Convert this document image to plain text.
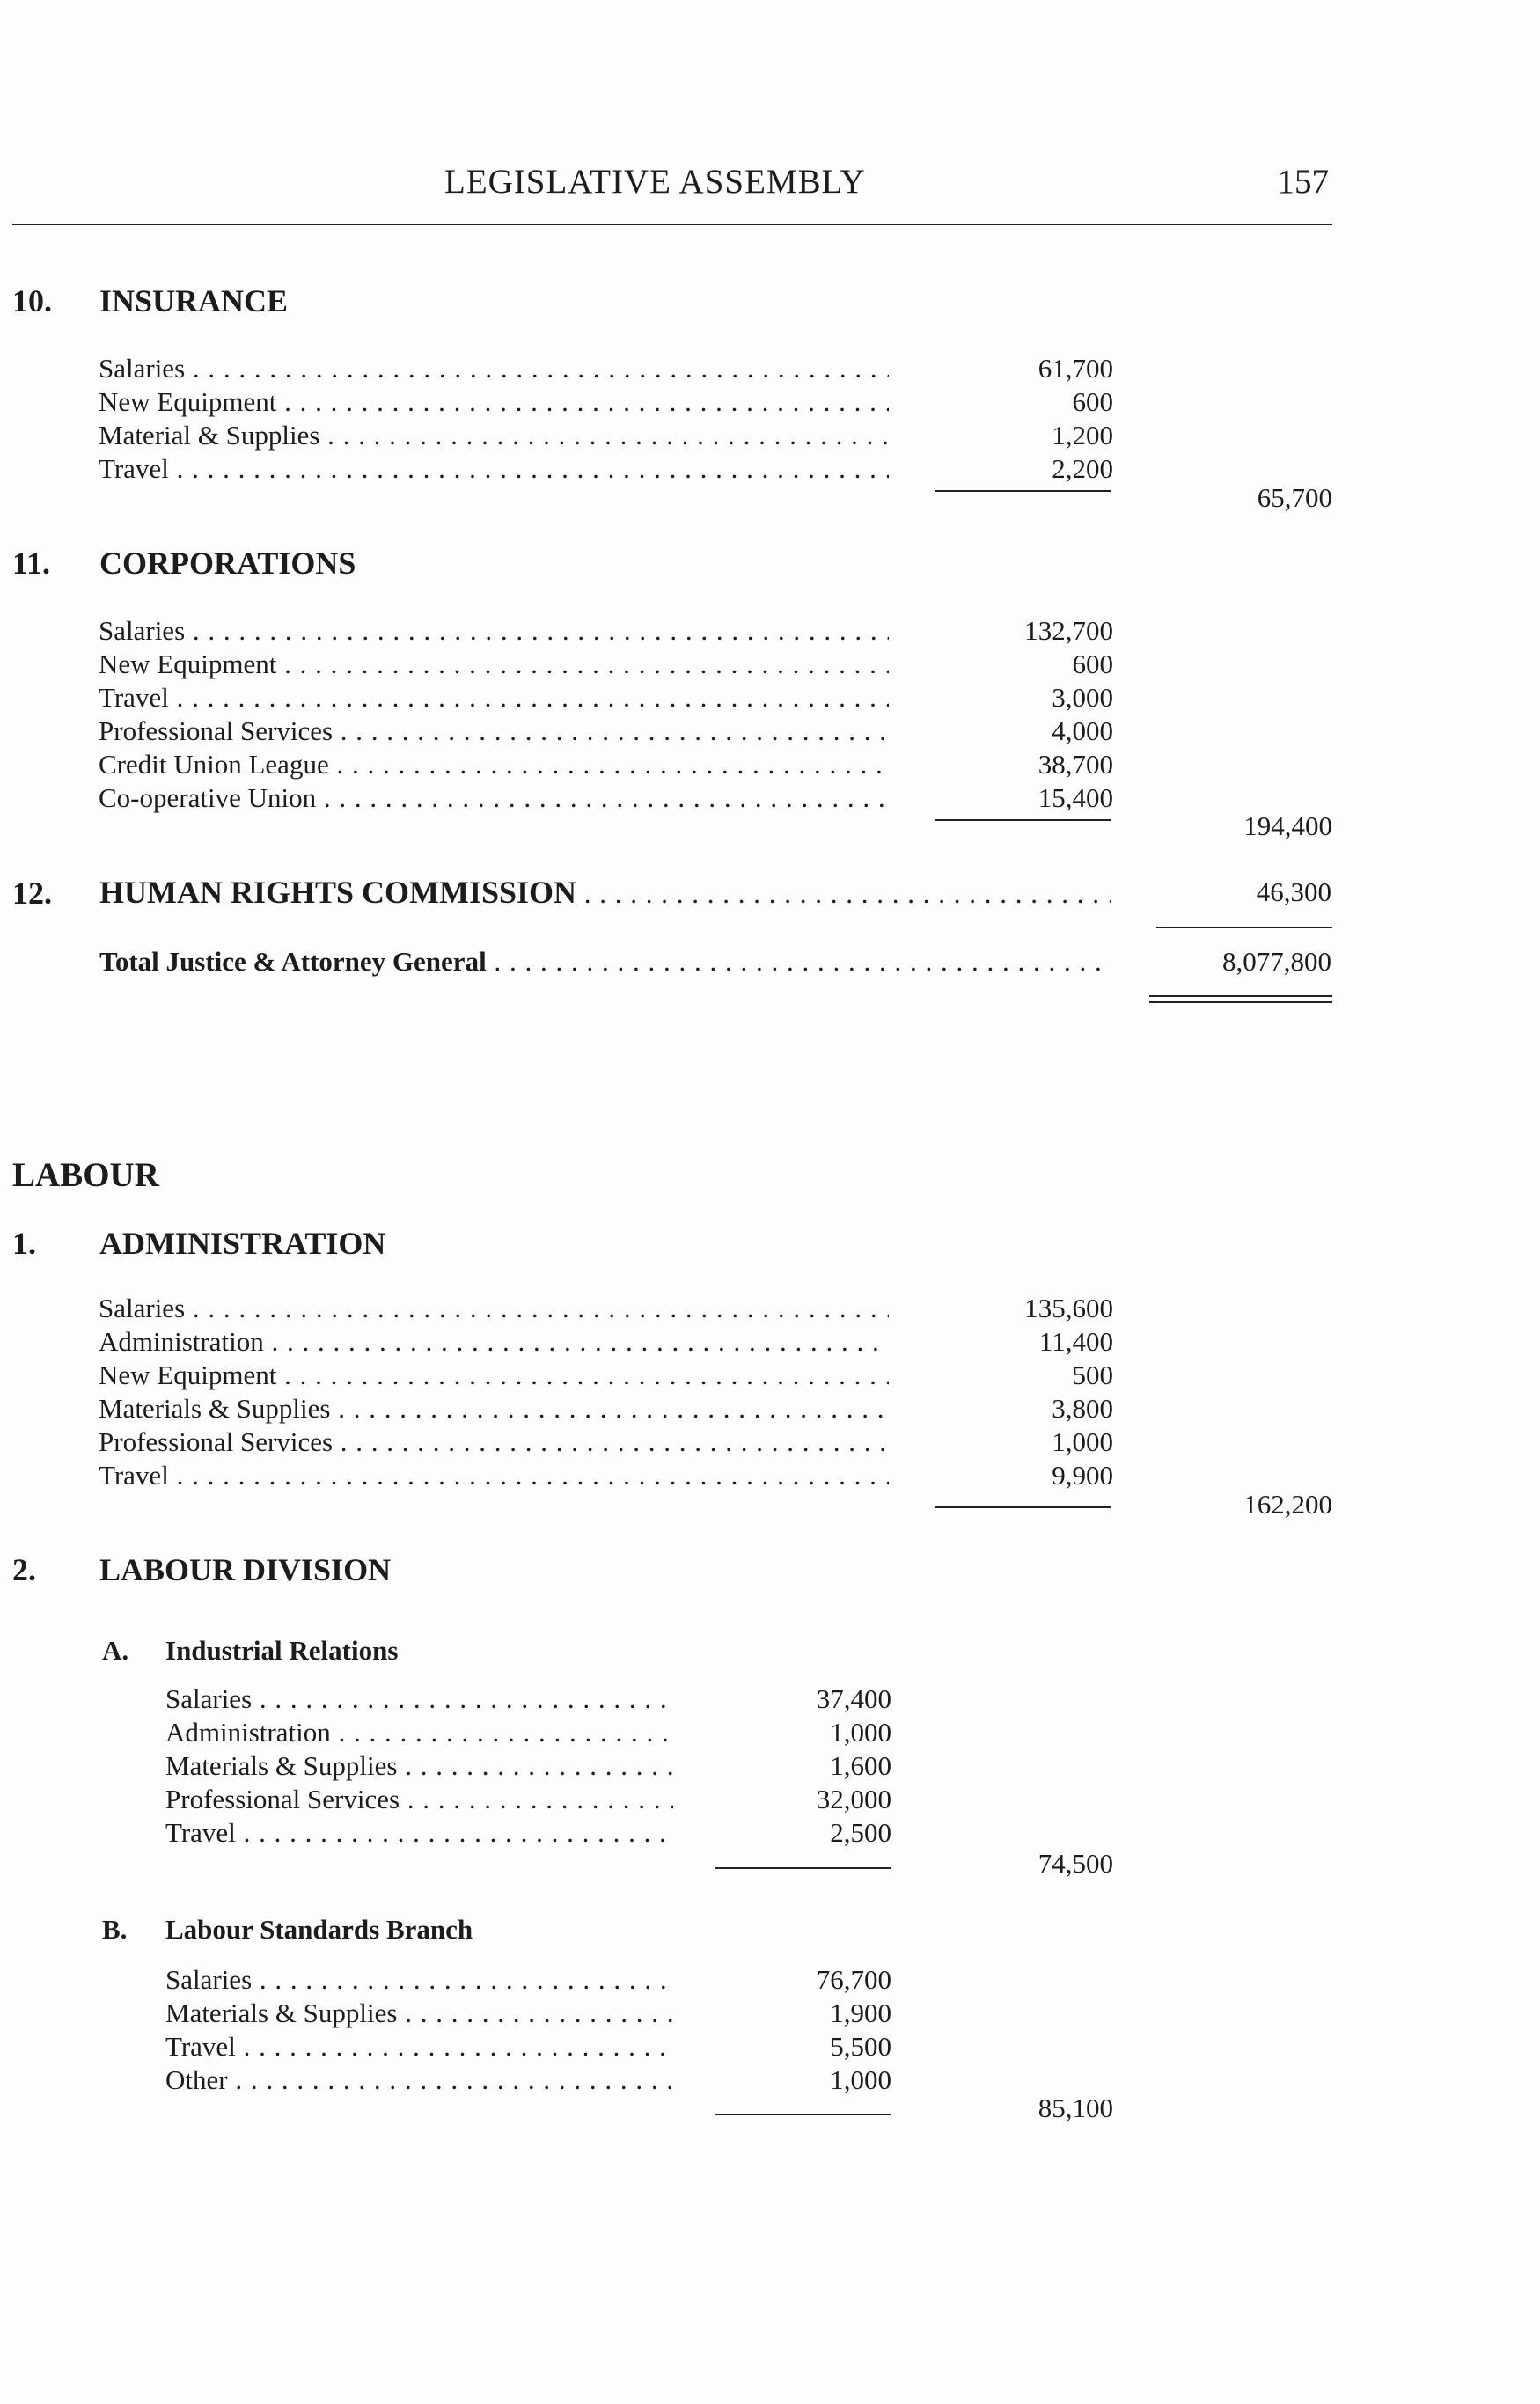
LEGISLATIVE ASSEMBLY	157
10. INSURANCE
Salaries . . .	61,700
New Equipment . . .	600
Material & Supplies . . .	1,200
Travel . . .	2,200
65,700
11. CORPORATIONS
Salaries . . .	132,700
New Equipment . . .	600
Travel . . .	3,000
Professional Services . . .	4,000
Credit Union League . . .	38,700
Co-operative Union . . .	15,400
194,400
12. HUMAN RIGHTS COMMISSION . . .	46,300
Total Justice & Attorney General . . .	8,077,800
LABOUR
1. ADMINISTRATION
Salaries . . .	135,600
Administration . . .	11,400
New Equipment . . .	500
Materials & Supplies . . .	3,800
Professional Services . . .	1,000
Travel . . .	9,900
162,200
2. LABOUR DIVISION
A. Industrial Relations
Salaries . . .	37,400
Administration . . .	1,000
Materials & Supplies . . .	1,600
Professional Services . . .	32,000
Travel . . .	2,500
74,500
B. Labour Standards Branch
Salaries . . .	76,700
Materials & Supplies . . .	1,900
Travel . . .	5,500
Other . . .	1,000
85,100
